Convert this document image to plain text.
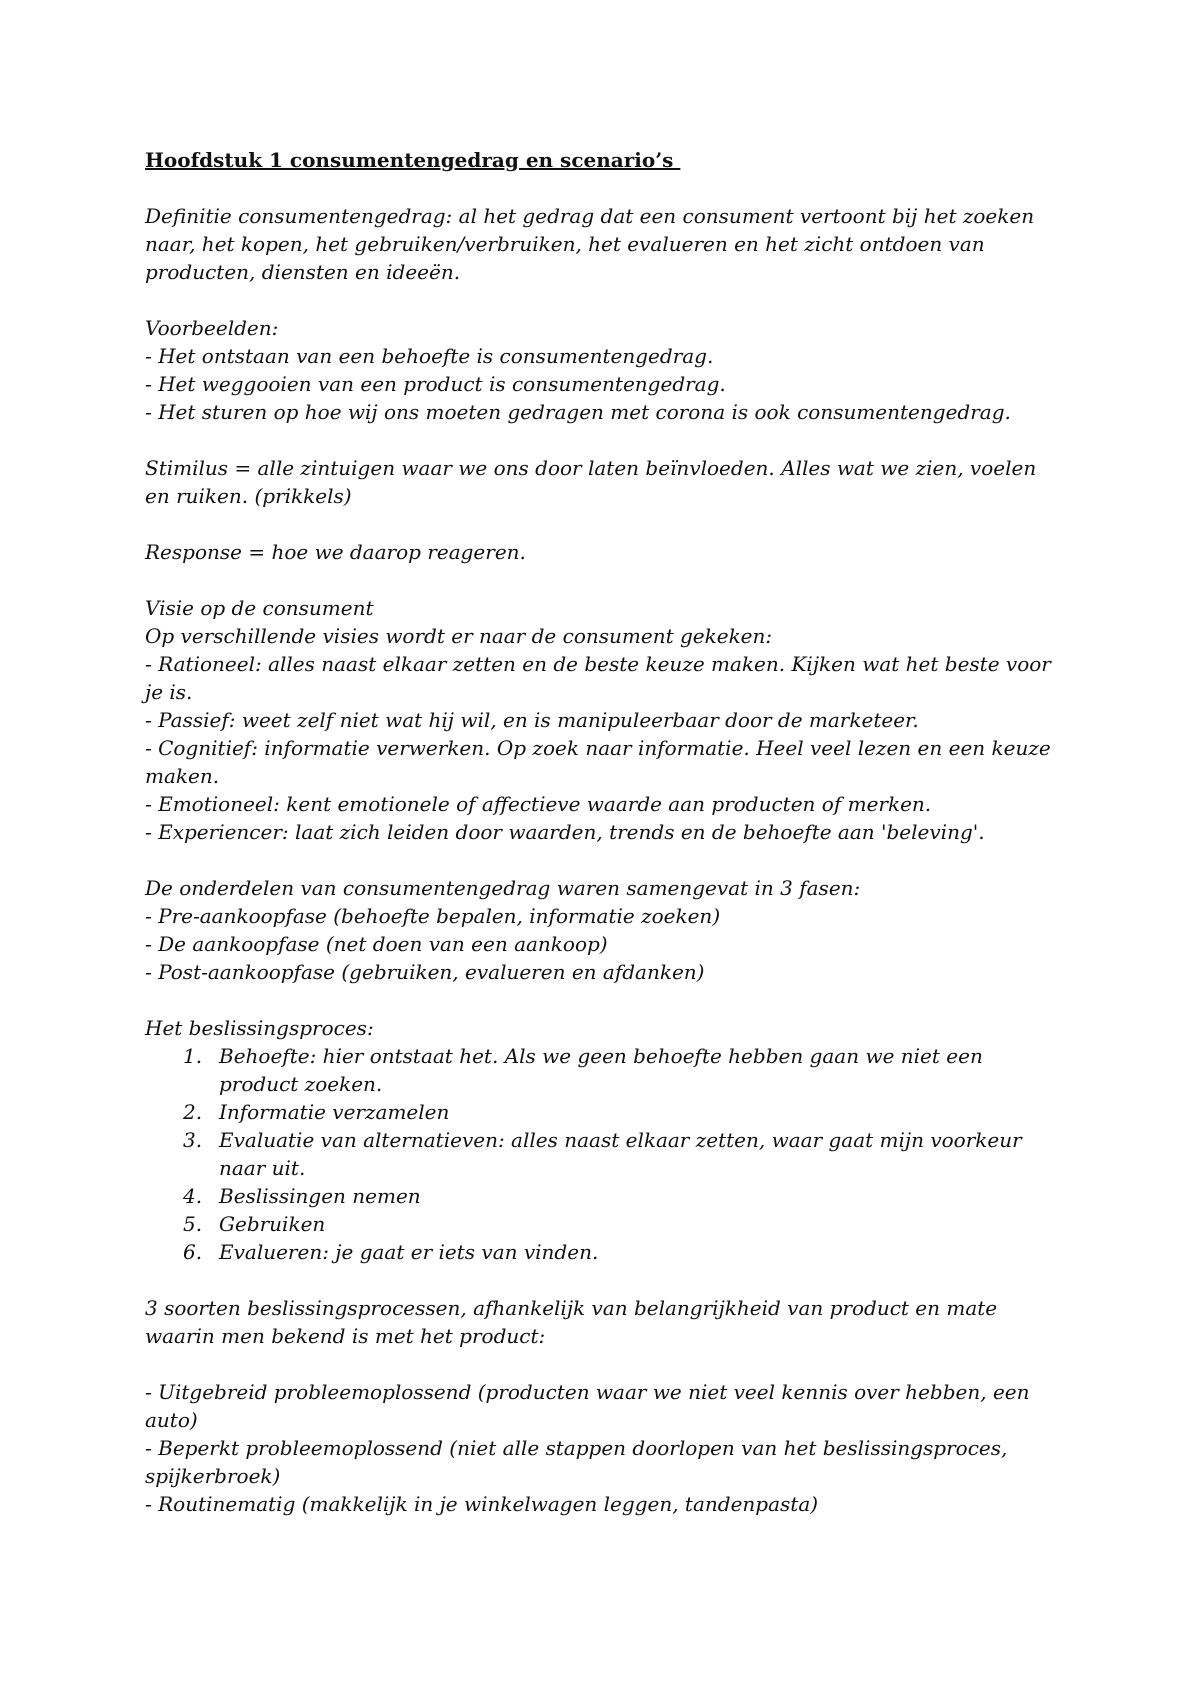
Hoofdstuk 1 consumentengedrag en scenario’s
Definitie consumentengedrag: al het gedrag dat een consument vertoont bij het zoeken naar, het kopen, het gebruiken/verbruiken, het evalueren en het zicht ontdoen van producten, diensten en ideeën.
Voorbeelden:
- Het ontstaan van een behoefte is consumentengedrag.
- Het weggooien van een product is consumentengedrag.
- Het sturen op hoe wij ons moeten gedragen met corona is ook consumentengedrag.
Stimilus = alle zintuigen waar we ons door laten beïnvloeden. Alles wat we zien, voelen en ruiken. (prikkels)
Response = hoe we daarop reageren.
Visie op de consument
Op verschillende visies wordt er naar de consument gekeken:
- Rationeel: alles naast elkaar zetten en de beste keuze maken. Kijken wat het beste voor je is.
- Passief: weet zelf niet wat hij wil, en is manipuleerbaar door de marketeer.
- Cognitief: informatie verwerken. Op zoek naar informatie. Heel veel lezen en een keuze maken.
- Emotioneel: kent emotionele of affectieve waarde aan producten of merken.
- Experiencer: laat zich leiden door waarden, trends en de behoefte aan 'beleving'.
De onderdelen van consumentengedrag waren samengevat in 3 fasen:
- Pre-aankoopfase (behoefte bepalen, informatie zoeken)
- De aankoopfase (net doen van een aankoop)
- Post-aankoopfase (gebruiken, evalueren en afdanken)
Het beslissingsproces:
1. Behoefte: hier ontstaat het. Als we geen behoefte hebben gaan we niet een product zoeken.
2. Informatie verzamelen
3. Evaluatie van alternatieven: alles naast elkaar zetten, waar gaat mijn voorkeur naar uit.
4. Beslissingen nemen
5. Gebruiken
6. Evalueren: je gaat er iets van vinden.
3 soorten beslissingsprocessen, afhankelijk van belangrijkheid van product en mate waarin men bekend is met het product:
- Uitgebreid probleemoplossend (producten waar we niet veel kennis over hebben, een auto)
- Beperkt probleemoplossend (niet alle stappen doorlopen van het beslissingsproces, spijkerbroek)
- Routinematig (makkelijk in je winkelwagen leggen, tandenpasta)
